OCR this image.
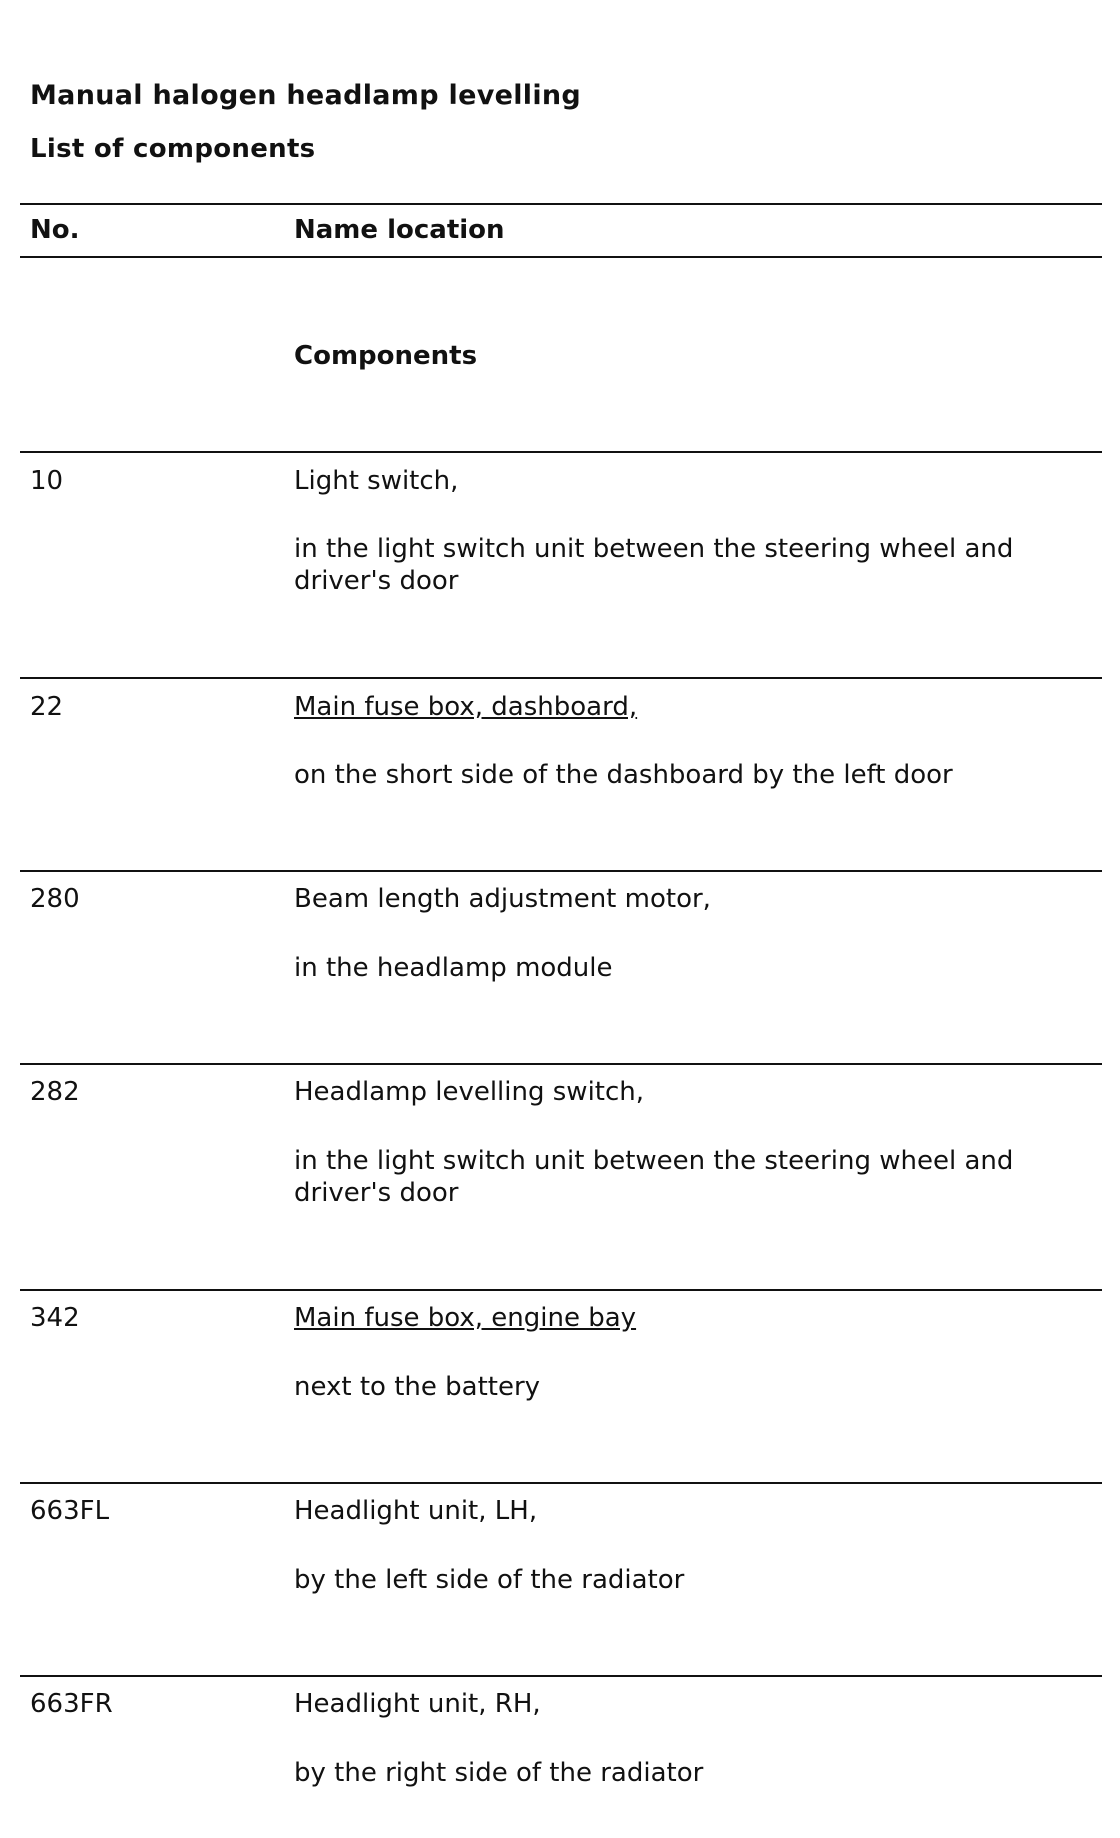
Manual halogen headlamp levelling
List of components
No.	Name location
Components
10	Light switch,
in the light switch unit between the steering wheel and
driver's door
22	Main fuse box, dashboard,
on the short side of the dashboard by the left door
280	Beam length adjustment motor,
in the headlamp module
282	Headlamp levelling switch,
in the light switch unit between the steering wheel and
driver's door
342	Main fuse box, engine bay
next to the battery
663FL	Headlight unit, LH,
by the left side of the radiator
663FR	Headlight unit, RH,
by the right side of the radiator
